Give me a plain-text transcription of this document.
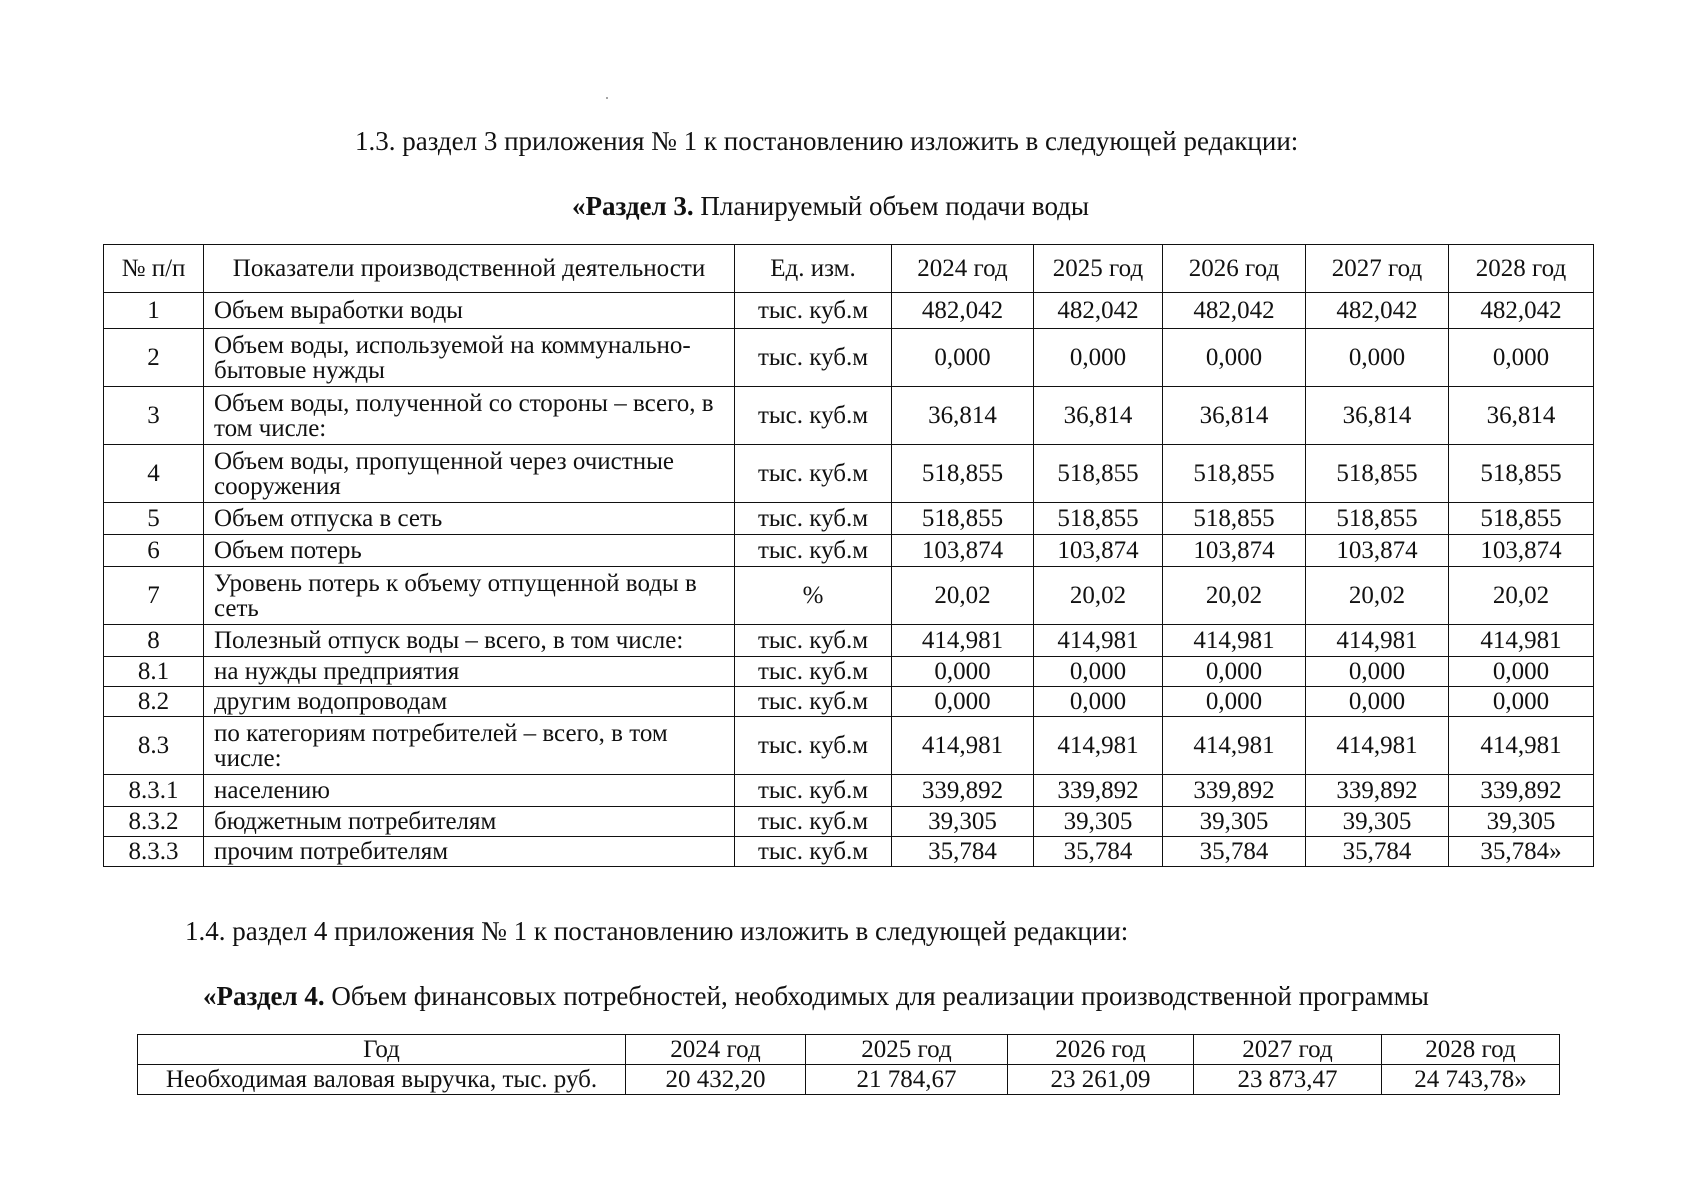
1.3. раздел 3 приложения № 1 к постановлению изложить в следующей редакции:
«Раздел 3. Планируемый объем подачи воды
№ п/п	Показатели производственной деятельности	Ед. изм.	2024 год	2025 год	2026 год	2027 год	2028 год
1	Объем выработки воды	тыс. куб.м	482,042	482,042	482,042	482,042	482,042
2	Объем воды, используемой на коммунально-бытовые нужды	тыс. куб.м	0,000	0,000	0,000	0,000	0,000
3	Объем воды, полученной со стороны – всего, в том числе:	тыс. куб.м	36,814	36,814	36,814	36,814	36,814
4	Объем воды, пропущенной через очистные сооружения	тыс. куб.м	518,855	518,855	518,855	518,855	518,855
5	Объем отпуска в сеть	тыс. куб.м	518,855	518,855	518,855	518,855	518,855
6	Объем потерь	тыс. куб.м	103,874	103,874	103,874	103,874	103,874
7	Уровень потерь к объему отпущенной воды в сеть	%	20,02	20,02	20,02	20,02	20,02
8	Полезный отпуск воды – всего, в том числе:	тыс. куб.м	414,981	414,981	414,981	414,981	414,981
8.1	на нужды предприятия	тыс. куб.м	0,000	0,000	0,000	0,000	0,000
8.2	другим водопроводам	тыс. куб.м	0,000	0,000	0,000	0,000	0,000
8.3	по категориям потребителей – всего, в том числе:	тыс. куб.м	414,981	414,981	414,981	414,981	414,981
8.3.1	населению	тыс. куб.м	339,892	339,892	339,892	339,892	339,892
8.3.2	бюджетным потребителям	тыс. куб.м	39,305	39,305	39,305	39,305	39,305
8.3.3	прочим потребителям	тыс. куб.м	35,784	35,784	35,784	35,784	35,784»
1.4. раздел 4 приложения № 1 к постановлению изложить в следующей редакции:
«Раздел 4. Объем финансовых потребностей, необходимых для реализации производственной программы
Год	2024 год	2025 год	2026 год	2027 год	2028 год
Необходимая валовая выручка, тыс. руб.	20 432,20	21 784,67	23 261,09	23 873,47	24 743,78»
